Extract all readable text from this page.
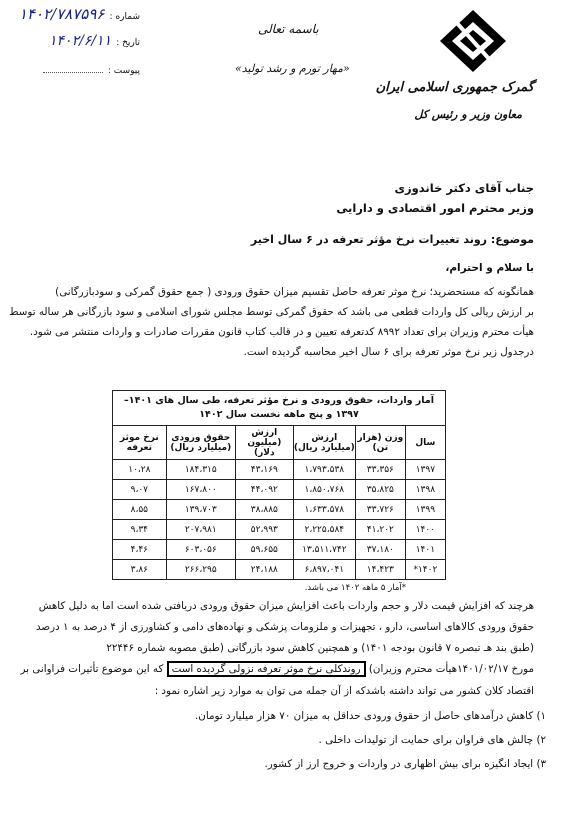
شماره : ۱۴۰۲/۷۸۷۵۹۶
تاریخ : ۱۴۰۲/۶/۱۱
پیوست :
باسمه تعالی
«مهار تورم و رشد تولید»
گمرک جمهوری اسلامی ایران
معاون وزیر و رئیس کل
جناب آقای دکتر خاندوزی
وزیر محترم امور اقتصادی و دارایی
موضوع: روند تغییرات نرخ مؤثر تعرفه در ۶ سال اخیر
با سلام و احترام،
همانگونه که مستحضرید؛ نرخ موثر تعرفه حاصل تقسیم میزان حقوق ورودی ( جمع حقوق گمرکی و سودبازرگانی)
بر ارزش ریالی کل واردات قطعی می باشد که حقوق گمرکی توسط مجلس شورای اسلامی و سود بازرگانی هر ساله توسط
هیأت محترم وزیران برای تعداد ۸۹۹۲ کدتعرفه تعیین و در قالب کتاب قانون مقررات صادرات و واردات منتشر می شود.
درجدول زیر نرخ موثر تعرفه برای ۶ سال اخیر محاسبه گردیده است.
آمار واردات، حقوق ورودی و نرخ مؤثر تعرفه، طی سال های ۱۴۰۱–۱۳۹۷ و پنج ماهه نخست سال ۱۴۰۲					
سال	وزن (هزار تن)	ارزش (میلیارد ریال)	ارزش (میلیون دلار)	حقوق ورودی (میلیارد ریال)	نرخ موثر تعرفه
۱۳۹۷	۳۳،۳۵۶	۱،۷۹۳،۵۳۸	۴۳،۱۶۹	۱۸۴،۳۱۵	۱۰،۲۸
۱۳۹۸	۳۵،۸۲۵	۱،۸۵۰،۷۶۸	۴۴،۰۹۲	۱۶۷،۸۰۰	۹،۰۷
۱۳۹۹	۳۳،۷۲۶	۱،۶۳۳،۵۷۸	۳۸،۸۸۵	۱۳۹،۷۰۳	۸،۵۵
۱۴۰۰	۴۱،۲۰۲	۲،۲۲۵،۵۸۴	۵۲،۹۹۳	۲۰۷،۹۸۱	۹،۳۴
۱۴۰۱	۳۷،۱۸۰	۱۳،۵۱۱،۷۴۲	۵۹،۶۵۵	۶۰۳،۰۵۶	۴،۴۶
۱۴۰۲*	۱۴،۴۲۳	۶،۸۹۷،۰۴۱	۲۴،۱۸۸	۲۶۶،۲۹۵	۳،۸۶
*آمار ۵ ماهه ۱۴۰۲ می باشد.
هرچند که افزایش قیمت دلار و حجم واردات باعث افزایش میزان حقوق ورودی دریافتی شده است اما به دلیل کاهش
حقوق ورودی کالاهای اساسی، دارو ، تجهیزات و ملزومات پزشکی و نهاده‌های دامی و کشاورزی از ۴ درصد به ۱ درصد
(طبق بند هـ تبصره ۷ قانون بودجه ۱۴۰۱) و همچنین کاهش سود بازرگانی (طبق مصوبه شماره ۲۲۴۴۶
مورخ ۱۴۰۱/۰۲/۱۷هیأت محترم وزیران) روندکلی نرخ موثر تعرفه نزولی گردیده است که این موضوع تأثیرات فراوانی بر
اقتصاد کلان کشور می تواند داشته باشدکه از آن جمله می توان به موارد زیر اشاره نمود :
۱) کاهش درآمدهای حاصل از حقوق ورودی حداقل به میزان ۷۰ هزار میلیارد تومان.
۲) چالش های فراوان برای حمایت از تولیدات داخلی .
۳) ایجاد انگیزه برای بیش اظهاری در واردات و خروج ارز از کشور.
